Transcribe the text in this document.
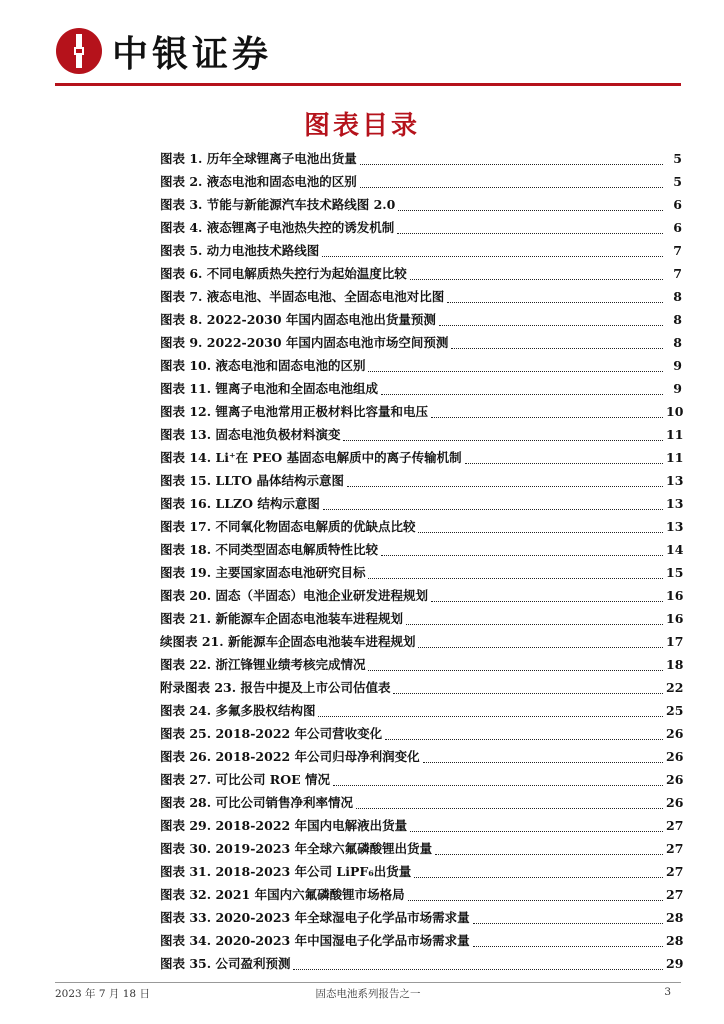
中银证券
图表目录
图表 1. 历年全球锂离子电池出货量	5
图表 2. 液态电池和固态电池的区别	5
图表 3. 节能与新能源汽车技术路线图 2.0	6
图表 4. 液态锂离子电池热失控的诱发机制	6
图表 5. 动力电池技术路线图	7
图表 6. 不同电解质热失控行为起始温度比较	7
图表 7. 液态电池、半固态电池、全固态电池对比图	8
图表 8. 2022-2030 年国内固态电池出货量预测	8
图表 9. 2022-2030 年国内固态电池市场空间预测	8
图表 10. 液态电池和固态电池的区别	9
图表 11. 锂离子电池和全固态电池组成	9
图表 12. 锂离子电池常用正极材料比容量和电压	10
图表 13. 固态电池负极材料演变	11
图表 14. Li⁺在 PEO 基固态电解质中的离子传输机制	11
图表 15. LLTO 晶体结构示意图	13
图表 16. LLZO 结构示意图	13
图表 17. 不同氧化物固态电解质的优缺点比较	13
图表 18. 不同类型固态电解质特性比较	14
图表 19. 主要国家固态电池研究目标	15
图表 20. 固态（半固态）电池企业研发进程规划	16
图表 21. 新能源车企固态电池装车进程规划	16
续图表 21. 新能源车企固态电池装车进程规划	17
图表 22. 浙江锋锂业绩考核完成情况	18
附录图表 23. 报告中提及上市公司估值表	22
图表 24. 多氟多股权结构图	25
图表 25. 2018-2022 年公司营收变化	26
图表 26. 2018-2022 年公司归母净利润变化	26
图表 27. 可比公司 ROE 情况	26
图表 28. 可比公司销售净利率情况	26
图表 29. 2018-2022 年国内电解液出货量	27
图表 30. 2019-2023 年全球六氟磷酸锂出货量	27
图表 31. 2018-2023 年公司 LiPF₆出货量	27
图表 32. 2021 年国内六氟磷酸锂市场格局	27
图表 33. 2020-2023 年全球湿电子化学品市场需求量	28
图表 34. 2020-2023 年中国湿电子化学品市场需求量	28
图表 35. 公司盈利预测	29
2023 年 7 月 18 日	固态电池系列报告之一	3
